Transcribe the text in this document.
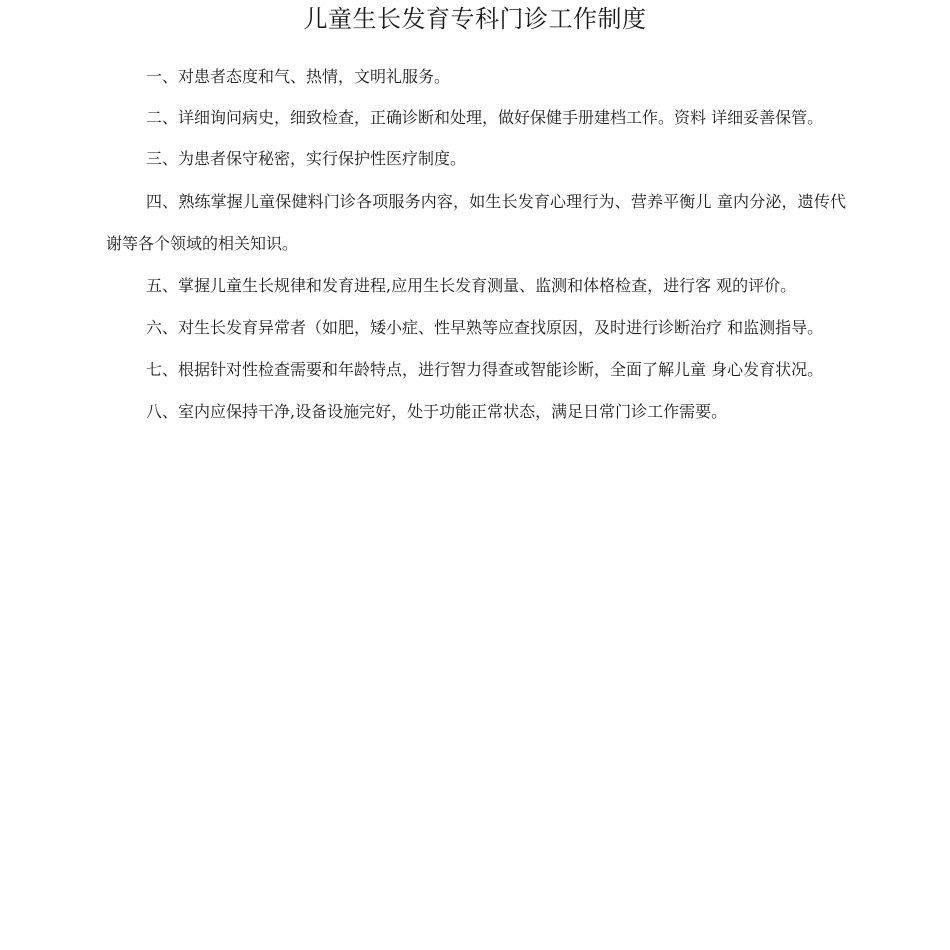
儿童生长发育专科门诊工作制度

一、对患者态度和气、热情，文明礼服务。

二、详细询问病史，细致检查，正确诊断和处理，做好保健手册建档工作。资料 详细妥善保管。

三、为患者保守秘密，实行保护性医疗制度。

四、熟练掌握儿童保健料门诊各项服务内容，如生长发育心理行为、营养平衡儿 童内分泌，遗传代谢等各个领域的相关知识。

五、掌握儿童生长规律和发育进程,应用生长发育测量、监测和体格检查，进行客 观的评价。

六、对生长发育异常者（如肥，矮小症、性早熟等应查找原因，及时进行诊断治疗 和监测指导。

七、根据针对性检查需要和年龄特点，进行智力得查或智能诊断，全面了解儿童 身心发育状况。

八、室内应保持干净,设备设施完好，处于功能正常状态，满足日常门诊工作需要。
